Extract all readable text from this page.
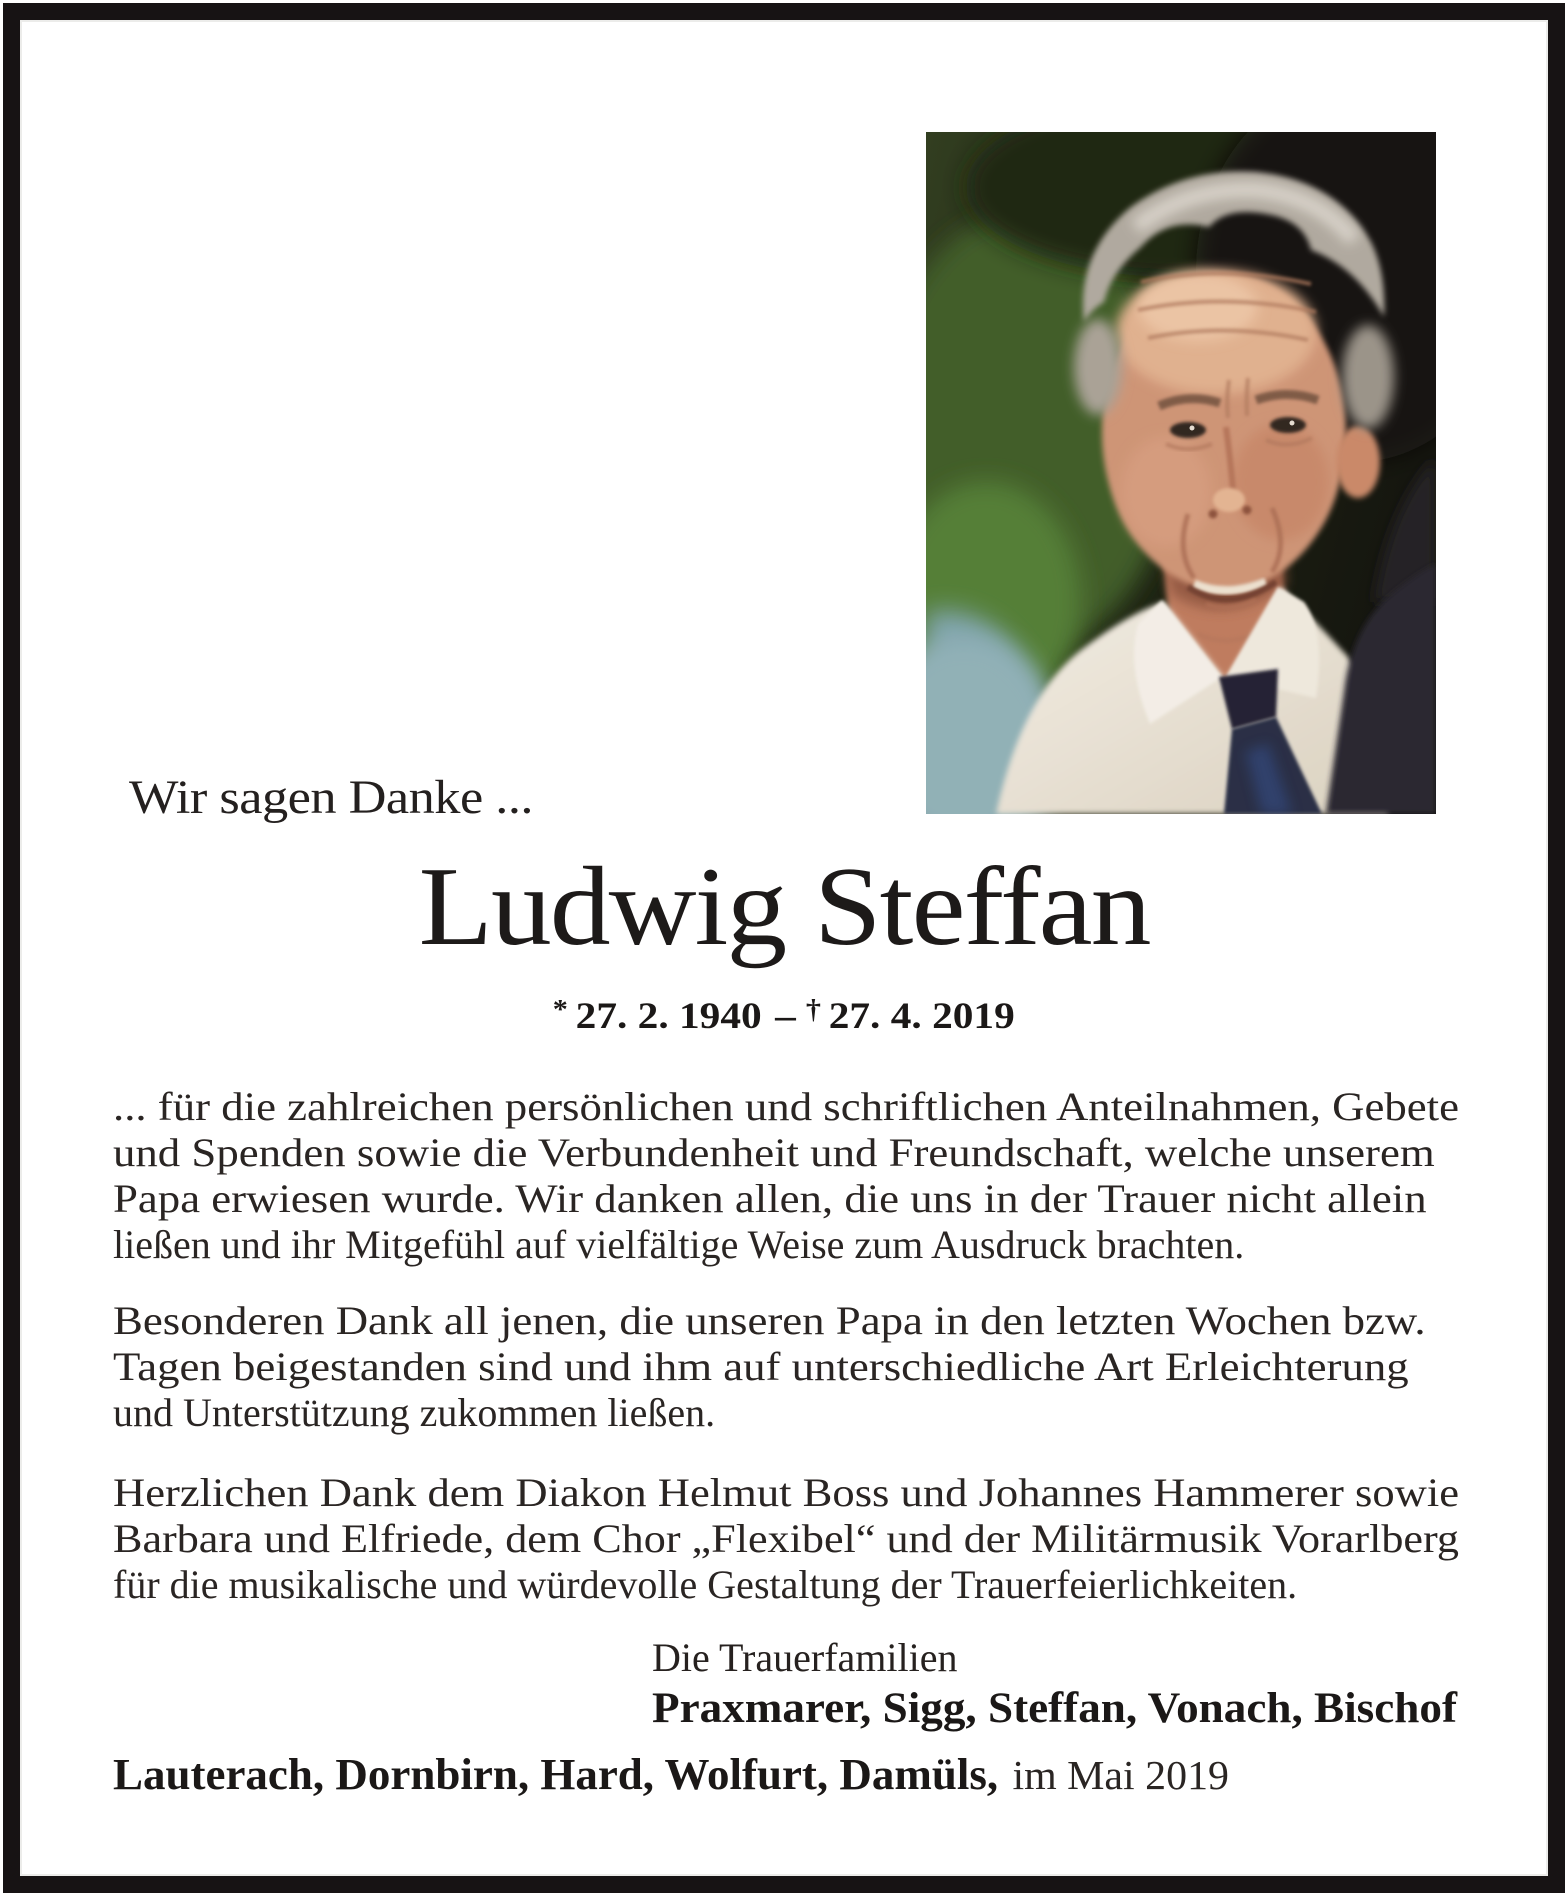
Wir sagen Danke ...
Ludwig Steffan
* 27. 2. 1940 – † 27. 4. 2019
... für die zahlreichen persönlichen und schriftlichen Anteilnahmen, Gebete
und Spenden sowie die Verbundenheit und Freundschaft, welche unserem
Papa erwiesen wurde. Wir danken allen, die uns in der Trauer nicht allein
ließen und ihr Mitgefühl auf vielfältige Weise zum Ausdruck brachten.
Besonderen Dank all jenen, die unseren Papa in den letzten Wochen bzw.
Tagen beigestanden sind und ihm auf unterschiedliche Art Erleichterung
und Unterstützung zukommen ließen.
Herzlichen Dank dem Diakon Helmut Boss und Johannes Hammerer sowie
Barbara und Elfriede, dem Chor „Flexibel“ und der Militärmusik Vorarlberg
für die musikalische und würdevolle Gestaltung der Trauerfeierlichkeiten.
Die Trauerfamilien
Praxmarer, Sigg, Steffan, Vonach, Bischof
Lauterach, Dornbirn, Hard, Wolfurt, Damüls, im Mai 2019
